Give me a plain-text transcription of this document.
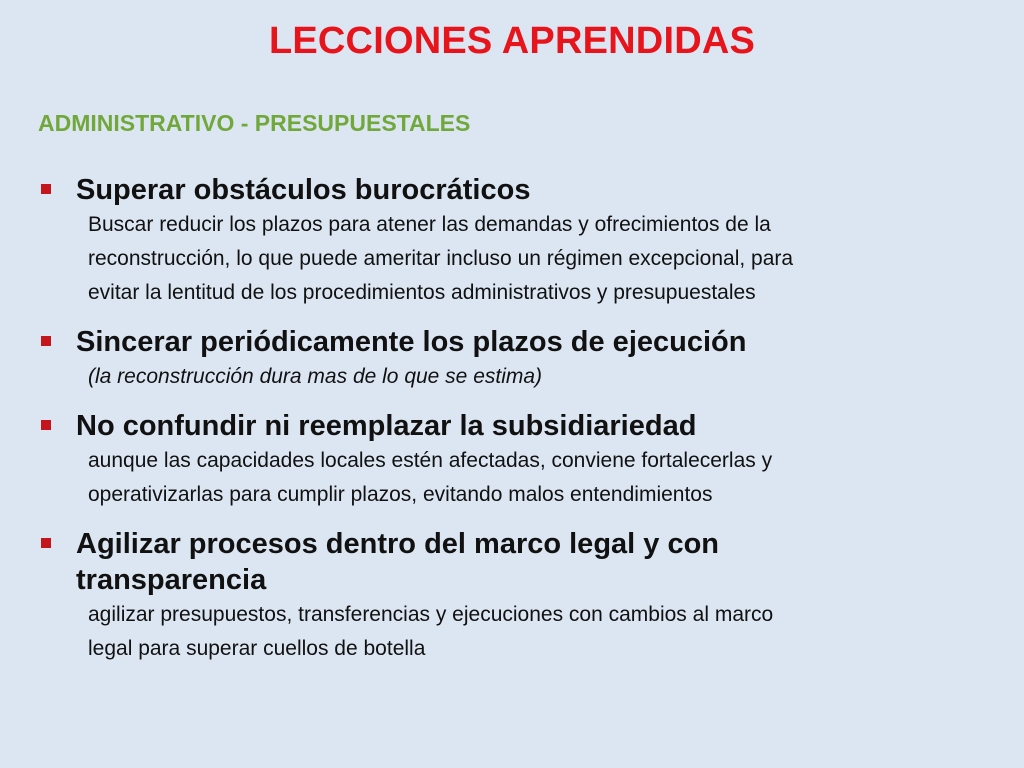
LECCIONES APRENDIDAS
ADMINISTRATIVO - PRESUPUESTALES
Superar obstáculos burocráticos
Buscar reducir los plazos para atener las demandas y ofrecimientos de la
reconstrucción, lo que puede ameritar incluso un régimen excepcional, para
evitar la lentitud de los procedimientos administrativos y presupuestales
Sincerar periódicamente los plazos de ejecución
(la reconstrucción dura mas de lo que se estima)
No confundir ni reemplazar la subsidiariedad
aunque las capacidades locales estén afectadas, conviene fortalecerlas y
operativizarlas para cumplir plazos, evitando malos entendimientos
Agilizar procesos dentro del marco legal y con
transparencia
agilizar presupuestos, transferencias y ejecuciones con cambios al marco
legal para superar cuellos de botella
